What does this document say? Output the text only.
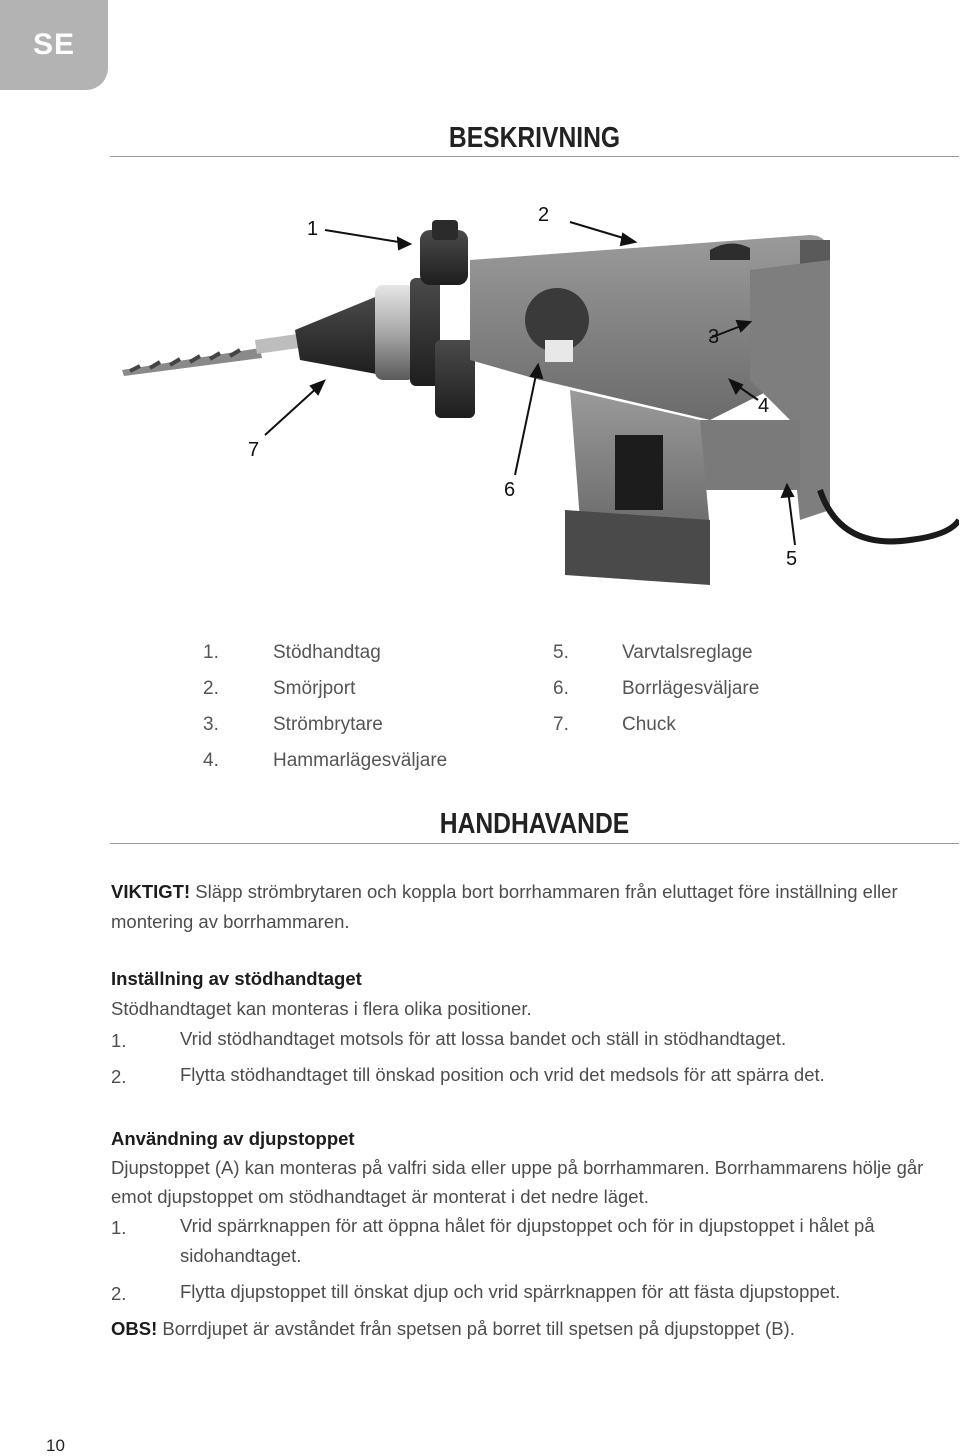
SE
BESKRIVNING
1
2
3
4
5
6
7
1.	Stödhandtag
2.	Smörjport
3.	Strömbrytare
4.	Hammarlägesväljare
5.	Varvtalsreglage
6.	Borrlägesväljare
7.	Chuck
HANDHAVANDE
VIKTIGT! Släpp strömbrytaren och koppla bort borrhammaren från eluttaget före inställning eller
montering av borrhammaren.
Inställning av stödhandtaget
Stödhandtaget kan monteras i flera olika positioner.
1.	Vrid stödhandtaget motsols för att lossa bandet och ställ in stödhandtaget.
2.	Flytta stödhandtaget till önskad position och vrid det medsols för att spärra det.
Användning av djupstoppet
Djupstoppet (A) kan monteras på valfri sida eller uppe på borrhammaren. Borrhammarens hölje går
emot djupstoppet om stödhandtaget är monterat i det nedre läget.
1.	Vrid spärrknappen för att öppna hålet för djupstoppet och för in djupstoppet i hålet på
sidohandtaget.
2.	Flytta djupstoppet till önskat djup och vrid spärrknappen för att fästa djupstoppet.
OBS! Borrdjupet är avståndet från spetsen på borret till spetsen på djupstoppet (B).
10
